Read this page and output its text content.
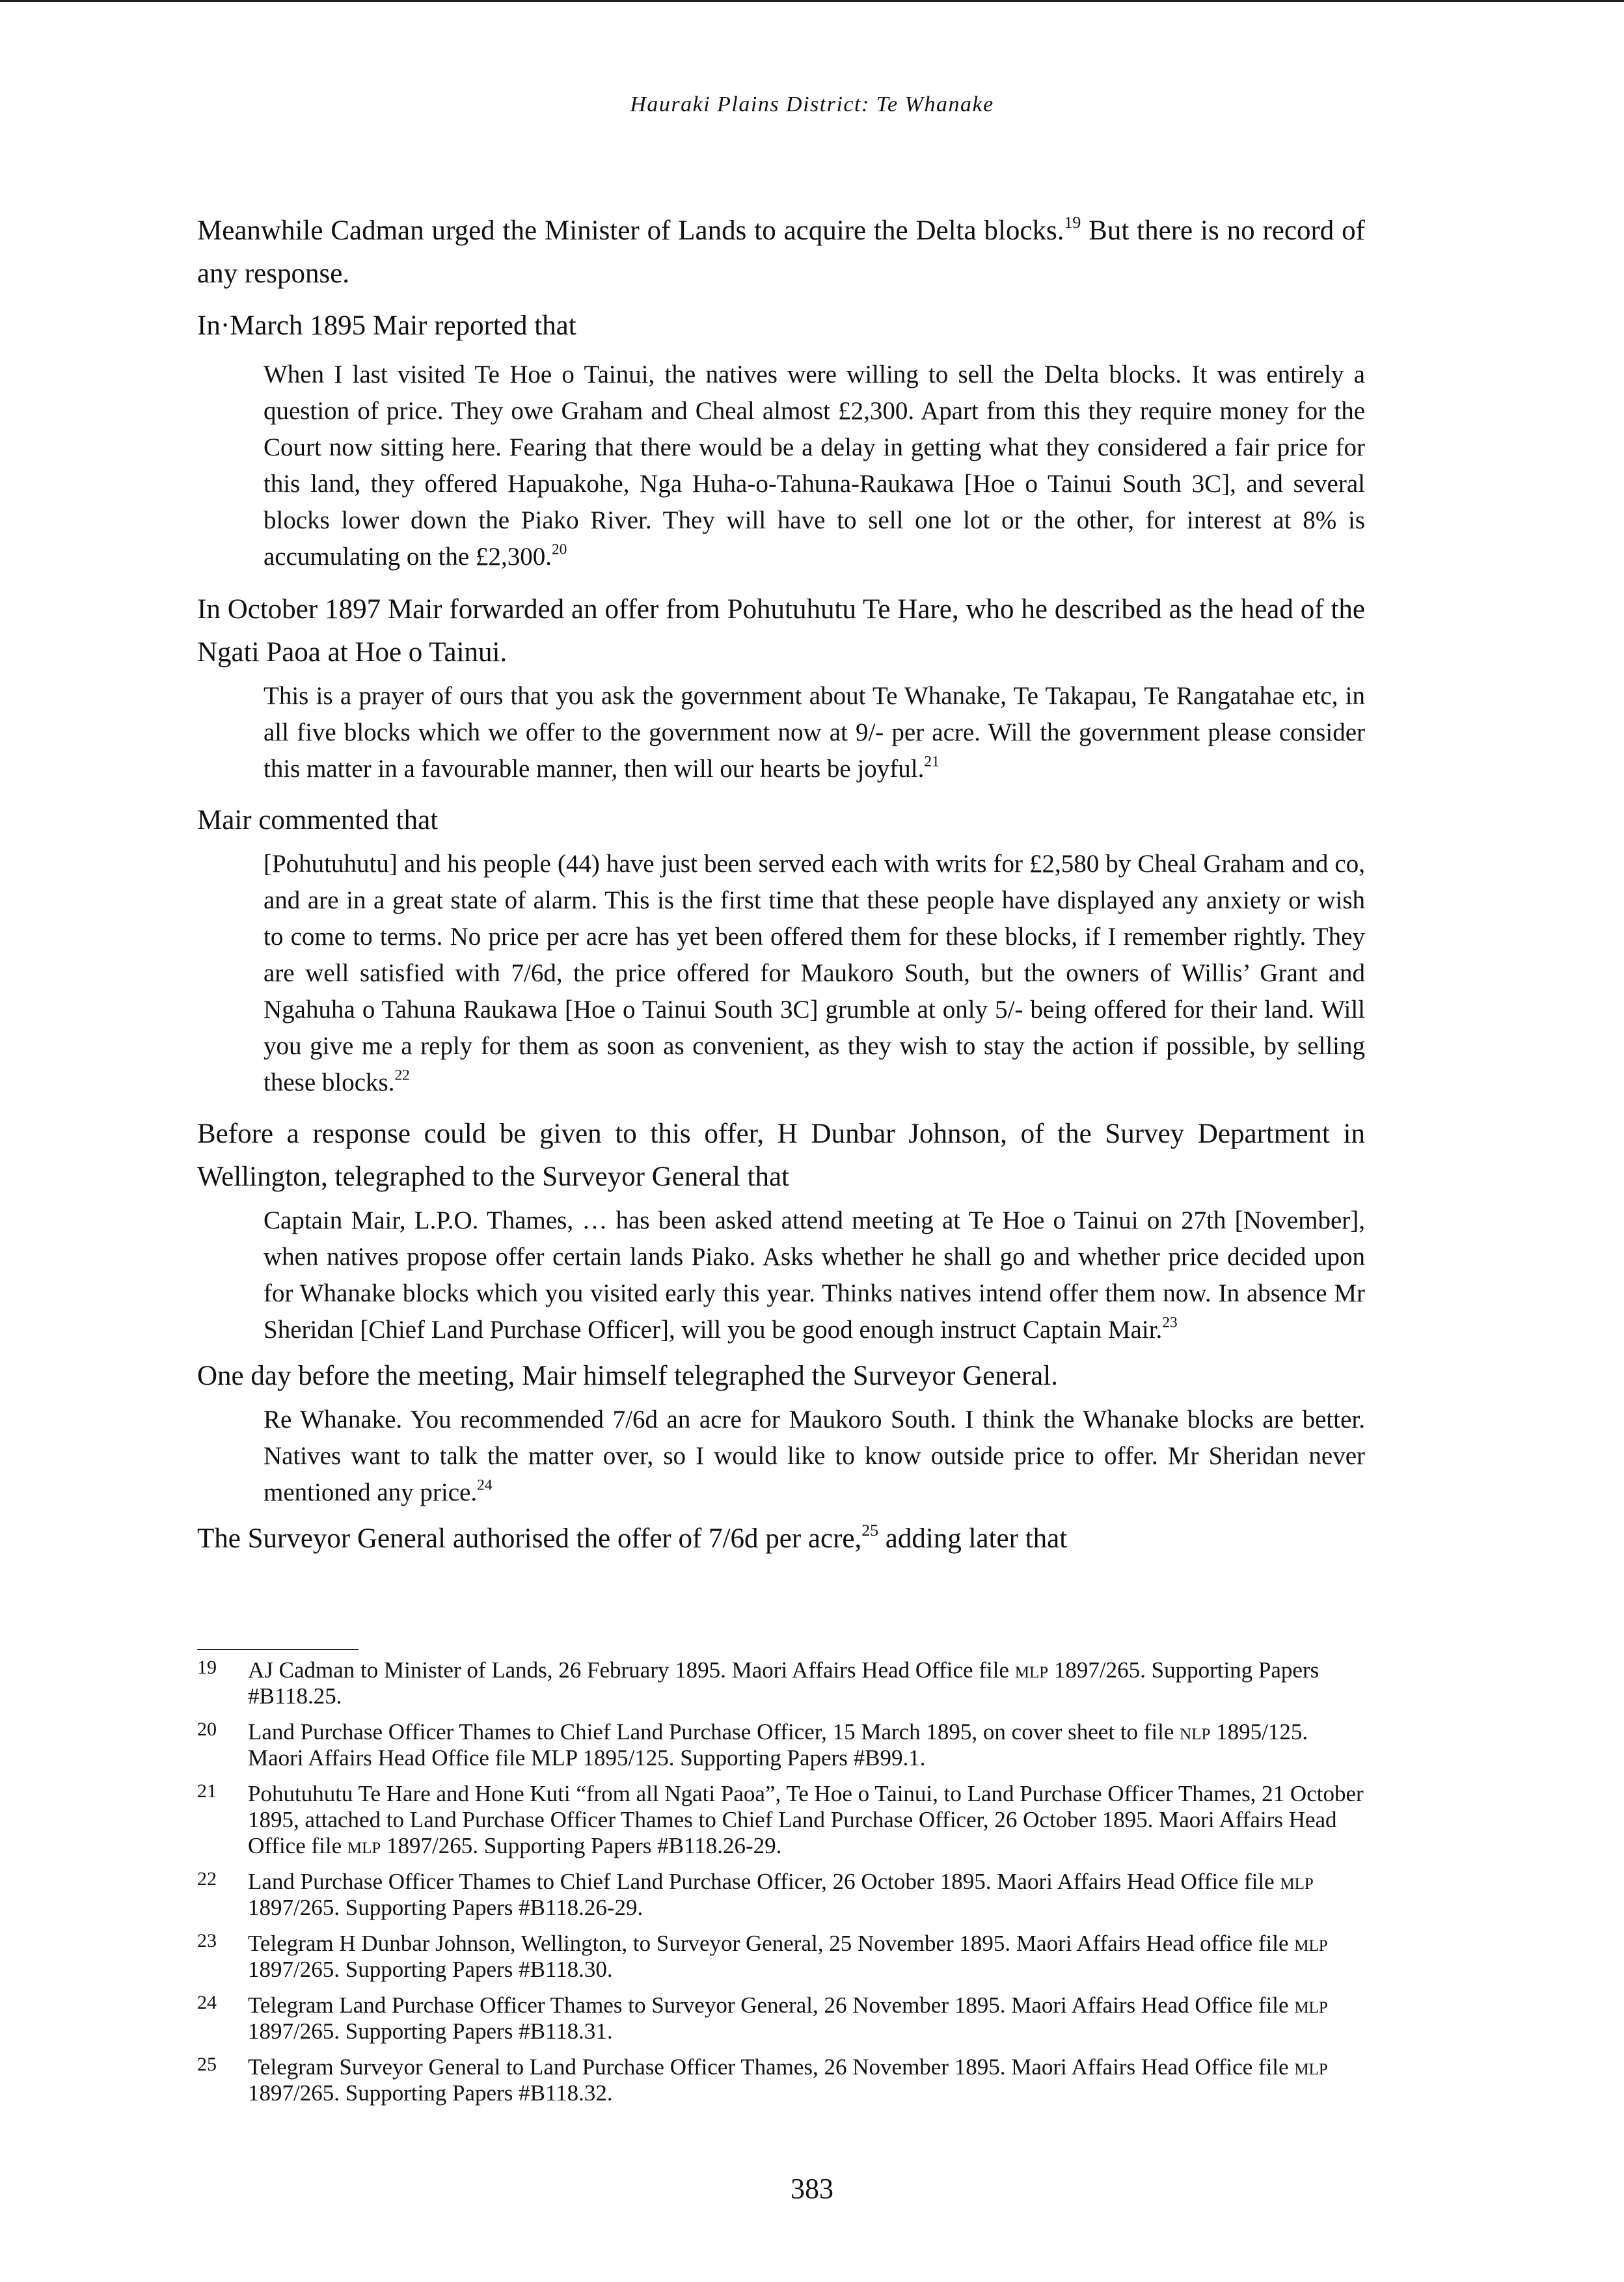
Hauraki Plains District: Te Whanake

Meanwhile Cadman urged the Minister of Lands to acquire the Delta blocks.$^{19}$ But there is no record of any response.

In·March 1895 Mair reported that

When I last visited Te Hoe o Tainui, the natives were willing to sell the Delta blocks. It was entirely a question of price. They owe Graham and Cheal almost £2,300. Apart from this they require money for the Court now sitting here. Fearing that there would be a delay in getting what they considered a fair price for this land, they offered Hapuakohe, Nga Huha-o-Tahuna-Raukawa [Hoe o Tainui South 3C], and several blocks lower down the Piako River. They will have to sell one lot or the other, for interest at 8% is accumulating on the £2,300.20

In October 1897 Mair forwarded an offer from Pohutuhutu Te Hare, who he described as the head of the Ngati Paoa at Hoe o Tainui.

This is a prayer of ours that you ask the government about Te Whanake, Te Takapau, Te Rangatahae etc, in all five blocks which we offer to the government now at 9/- per acre. Will the government please consider this matter in a favourable manner, then will our hearts be joyful.$^{21}$

Mair commented that

[Pohutuhutu] and his people (44) have just been served each with writs for £2,580 by Cheal Graham and co, and are in a great state of alarm. This is the first time that these people have displayed any anxiety or wish to come to terms. No price per acre has yet been offered them for these blocks, if I remember rightly. They are well satisfied with 7/6d, the price offered for Maukoro South, but the owners of Willis’ Grant and Ngahuha o Tahuna Raukawa [Hoe o Tainui South 3C] grumble at only 5/- being offered for their land. Will you give me a reply for them as soon as convenient, as they wish to stay the action if possible, by selling these blocks.$^{22}$

Before a response could be given to this offer, H Dunbar Johnson, of the Survey Department in Wellington, telegraphed to the Surveyor General that

Captain Mair, L.P.O. Thames, … has been asked attend meeting at Te Hoe o Tainui on 27th [November], when natives propose offer certain lands Piako. Asks whether he shall go and whether price decided upon for Whanake blocks which you visited early this year. Thinks natives intend offer them now. In absence Mr Sheridan [Chief Land Purchase Officer], will you be good enough instruct Captain Mair.$^{23}$

One day before the meeting, Mair himself telegraphed the Surveyor General.

Re Whanake. You recommended 7/6d an acre for Maukoro South. I think the Whanake blocks are better. Natives want to talk the matter over, so I would like to know outside price to offer. Mr Sheridan never mentioned any price.$^{24}$

The Surveyor General authorised the offer of 7/6d per acre,$^{25}$ adding later that

19 AJ Cadman to Minister of Lands, 26 February 1895. Maori Affairs Head Office file mlp 1897/265. Supporting Papers #B118.25.
20 Land Purchase Officer Thames to Chief Land Purchase Officer, 15 March 1895, on cover sheet to file nlp 1895/125. Maori Affairs Head Office file MLP 1895/125. Supporting Papers #B99.1.
21 Pohutuhutu Te Hare and Hone Kuti “from all Ngati Paoa”, Te Hoe o Tainui, to Land Purchase Officer Thames, 21 October 1895, attached to Land Purchase Officer Thames to Chief Land Purchase Officer, 26 October 1895. Maori Affairs Head Office file mlp 1897/265. Supporting Papers #B118.26-29.
22 Land Purchase Officer Thames to Chief Land Purchase Officer, 26 October 1895. Maori Affairs Head Office file mlp 1897/265. Supporting Papers #B118.26-29.
23 Telegram H Dunbar Johnson, Wellington, to Surveyor General, 25 November 1895. Maori Affairs Head office file mlp 1897/265. Supporting Papers #B118.30.
24 Telegram Land Purchase Officer Thames to Surveyor General, 26 November 1895. Maori Affairs Head Office file mlp 1897/265. Supporting Papers #B118.31.
25 Telegram Surveyor General to Land Purchase Officer Thames, 26 November 1895. Maori Affairs Head Office file mlp 1897/265. Supporting Papers #B118.32.
383
